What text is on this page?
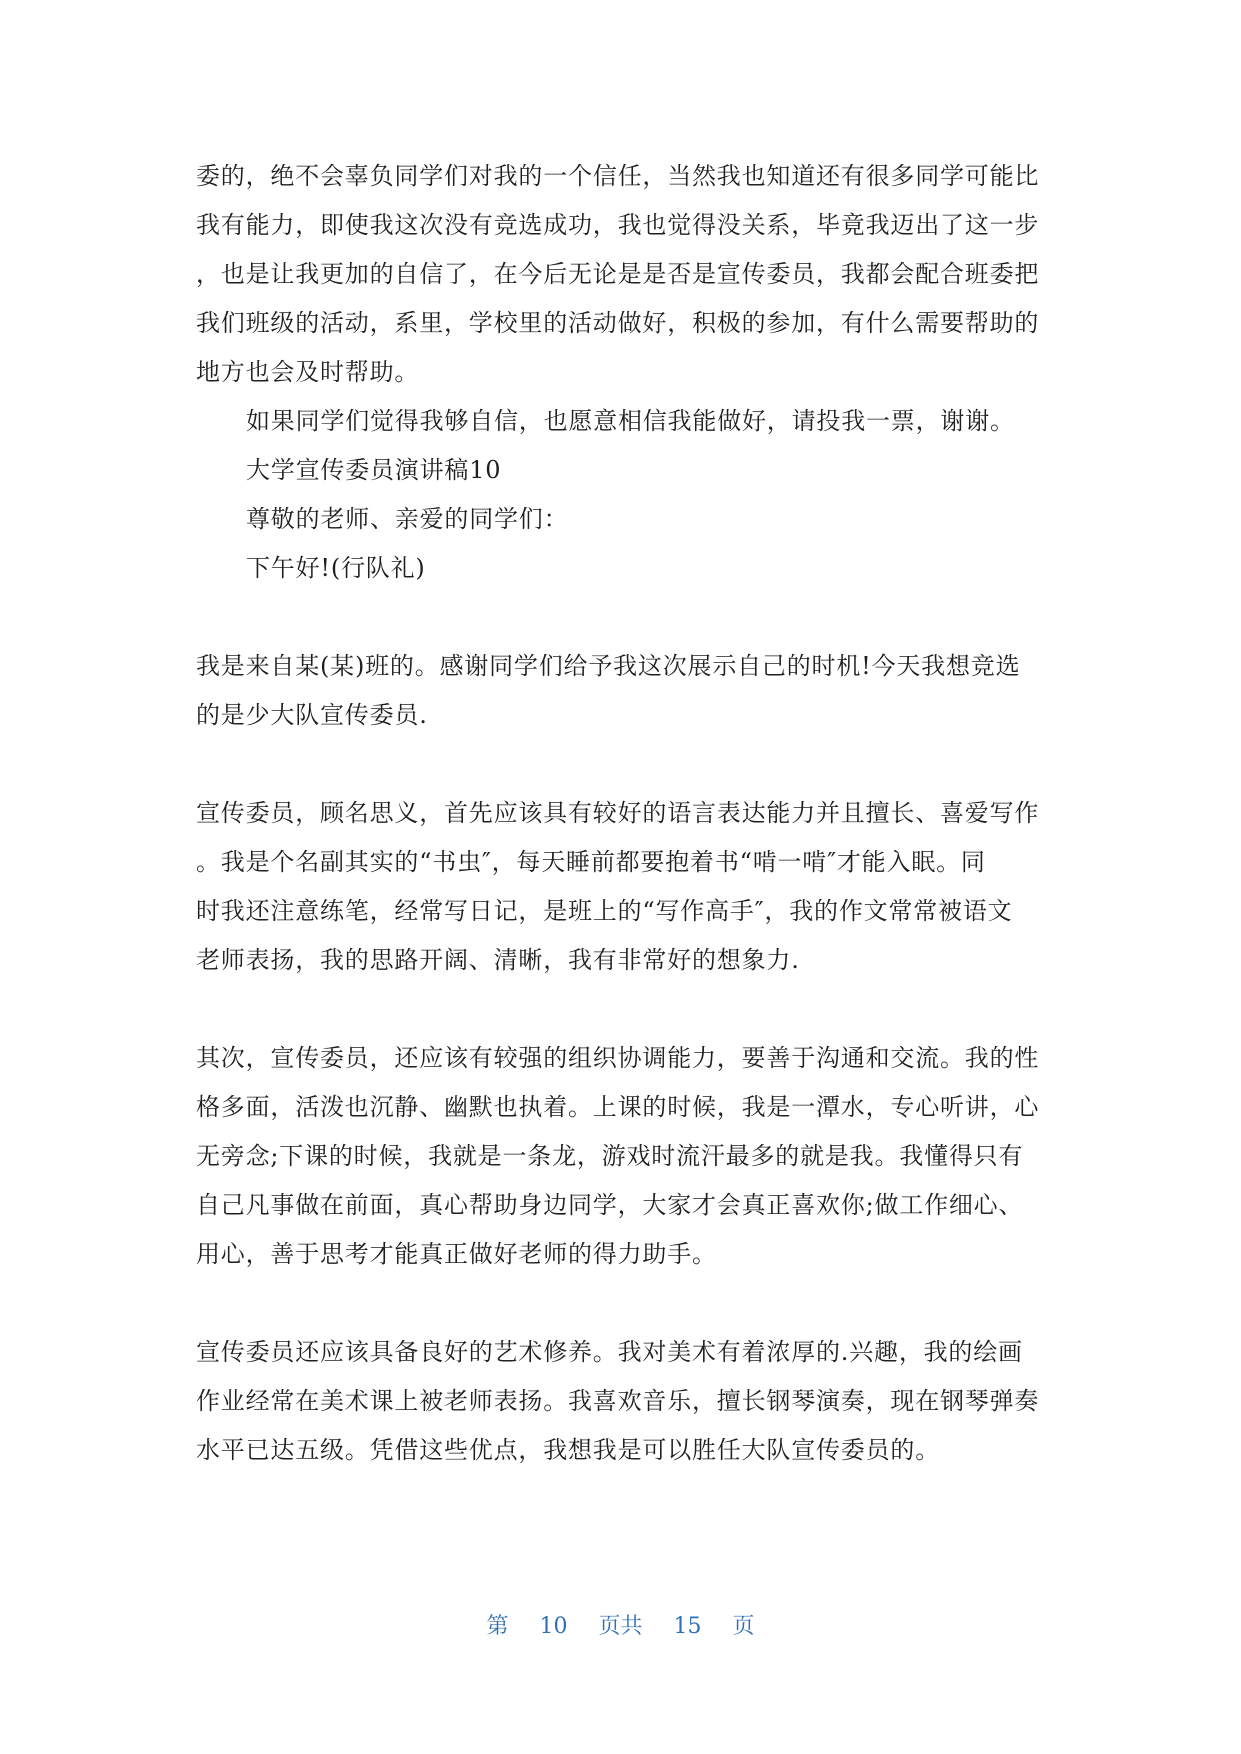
委的，绝不会辜负同学们对我的一个信任，当然我也知道还有很多同学可能比
我有能力，即使我这次没有竞选成功，我也觉得没关系，毕竟我迈出了这一步
，也是让我更加的自信了，在今后无论是是否是宣传委员，我都会配合班委把
我们班级的活动，系里，学校里的活动做好，积极的参加，有什么需要帮助的
地方也会及时帮助。
如果同学们觉得我够自信，也愿意相信我能做好，请投我一票，谢谢。
大学宣传委员演讲稿10
尊敬的老师、亲爱的同学们：
下午好!(行队礼)
我是来自某(某)班的。感谢同学们给予我这次展示自己的时机!今天我想竞选
的是少大队宣传委员.
宣传委员，顾名思义，首先应该具有较好的语言表达能力并且擅长、喜爱写作
。我是个名副其实的“书虫″，每天睡前都要抱着书“啃一啃″才能入眠。同
时我还注意练笔，经常写日记，是班上的“写作高手″，我的作文常常被语文
老师表扬，我的思路开阔、清晰，我有非常好的想象力.
其次，宣传委员，还应该有较强的组织协调能力，要善于沟通和交流。我的性
格多面，活泼也沉静、幽默也执着。上课的时候，我是一潭水，专心听讲，心
无旁念;下课的时候，我就是一条龙，游戏时流汗最多的就是我。我懂得只有
自己凡事做在前面，真心帮助身边同学，大家才会真正喜欢你;做工作细心、
用心，善于思考才能真正做好老师的得力助手。
宣传委员还应该具备良好的艺术修养。我对美术有着浓厚的.兴趣，我的绘画
作业经常在美术课上被老师表扬。我喜欢音乐，擅长钢琴演奏，现在钢琴弹奏
水平已达五级。凭借这些优点，我想我是可以胜任大队宣传委员的。
第 10 页共 15 页
